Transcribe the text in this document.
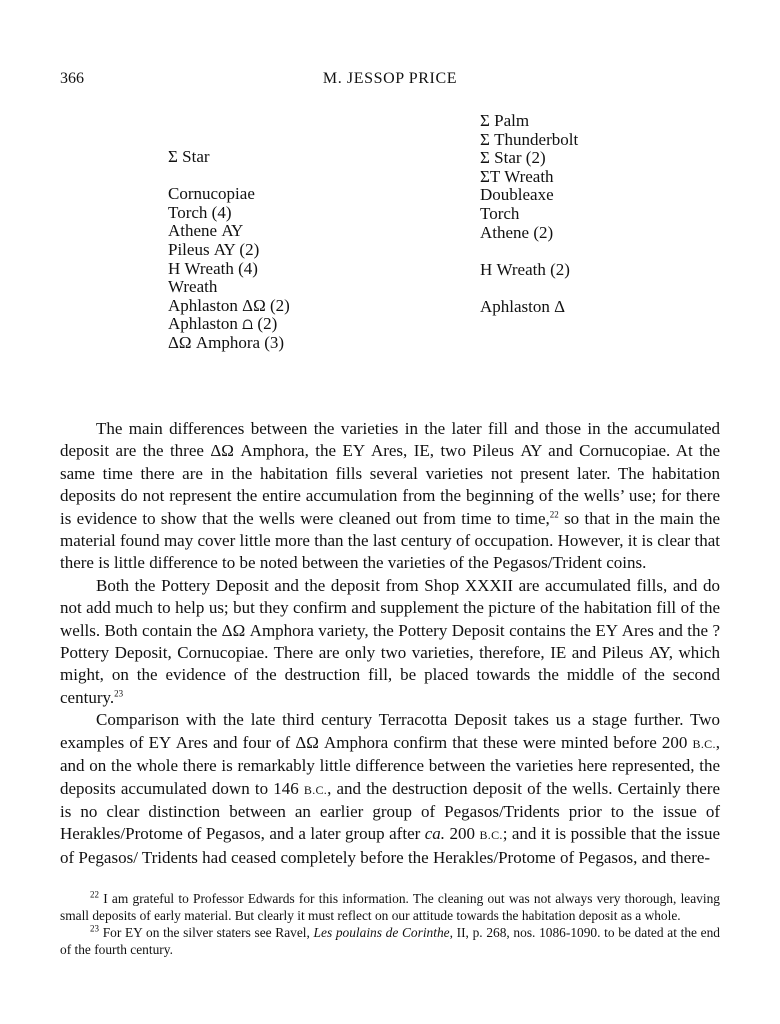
366	M. JESSOP PRICE
Σ Star
Cornucopiae
Torch (4)
Athene ΑΥ
Pileus ΑΥ (2)
Η Wreath (4)
Wreath
Aphlaston ΔΩ (2)
Aphlaston ⩍ (2)
ΔΩ Amphora (3)
Σ Palm
Σ Thunderbolt
Σ Star (2)
ΣΤ Wreath
Doublеaxe
Torch
Athene (2)
Η Wreath (2)
Aphlaston Δ

The main differences between the varieties in the later fill and those in the accumulated deposit are the three ΔΩ Amphora, the ΕΥ Ares, ΙΕ, two Pileus ΑΥ and Cornucopiae. At the same time there are in the habitation fills several varieties not present later. The habitation deposits do not represent the entire accumulation from the beginning of the wells’ use; for there is evidence to show that the wells were cleaned out from time to time,$^{22}$ so that in the main the material found may cover little more than the last century of occupation. However, it is clear that there is little difference to be noted between the varieties of the Pegasos/Trident coins.

Both the Pottery Deposit and the deposit from Shop XXXII are accumulated fills, and do not add much to help us; but they confirm and supplement the picture of the habitation fill of the wells. Both contain the ΔΩ Amphora variety, the Pottery Deposit contains the ΕΥ Ares and the ?Pottery Deposit, Cornucopiae. There are only two varieties, therefore, ΙΕ and Pileus ΑΥ, which might, on the evidence of the destruction fill, be placed towards the middle of the second century.$^{23}$

Comparison with the late third century Terracotta Deposit takes us a stage further. Two examples of ΕΥ Ares and four of ΔΩ Amphora confirm that these were minted before 200 B.C., and on the whole there is remarkably little difference between the varieties here represented, the deposits accumulated down to 146 B.C., and the destruction deposit of the wells. Certainly there is no clear distinction between an earlier group of Pegasos/Tridents prior to the issue of Herakles/Protome of Pegasos, and a later group after ca. 200 B.C.; and it is possible that the issue of Pegasos/ Tridents had ceased completely before the Herakles/Protome of Pegasos, and there-

$^{22}$ I am grateful to Professor Edwards for this information. The cleaning out was not always very thorough, leaving small deposits of early material. But clearly it must reflect on our attitude towards the habitation deposit as a whole.

$^{23}$ For ΕΥ on the silver staters see Ravel, Les poulains de Corinthe, II, p. 268, nos. 1086-1090. to be dated at the end of the fourth century.
